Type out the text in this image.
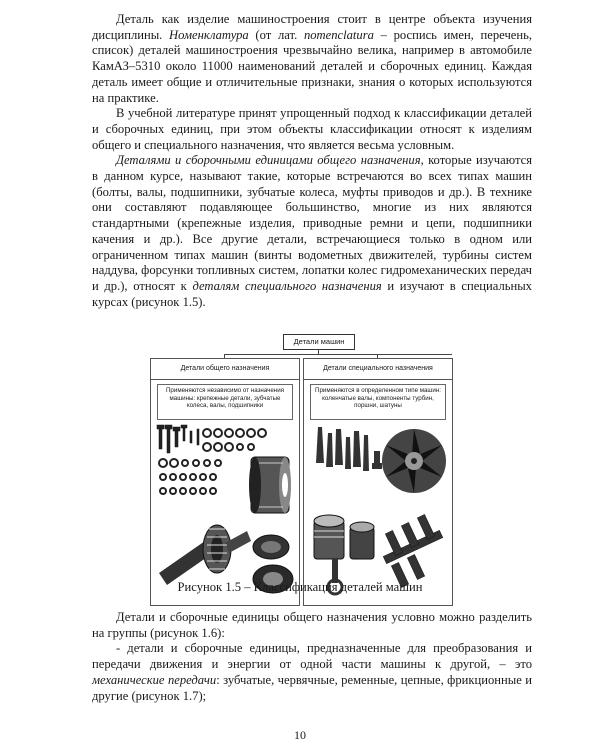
Деталь как изделие машиностроения стоит в центре объекта изучения дисциплины. Номенклатура (от лат. nomenclatura – роспись имен, перечень, список) деталей машиностроения чрезвычайно велика, например в автомобиле КамАЗ–5310 около 11000 наименований деталей и сборочных единиц. Каждая деталь имеет общие и отличительные признаки, знания о которых используются на практике.

В учебной литературе принят упрощенный подход к классификации деталей и сборочных единиц, при этом объекты классификации относят к изделиям общего и специального назначения, что является весьма условным.

Деталями и сборочными единицами общего назначения, которые изучаются в данном курсе, называют такие, которые встречаются во всех типах машин (болты, валы, подшипники, зубчатые колеса, муфты приводов и др.). В технике они составляют подавляющее большинство, многие из них являются стандартными (крепежные изделия, приводные ремни и цепи, подшипники качения и др.). Все другие детали, встречающиеся только в одном или ограниченном типах машин (винты водометных движителей, турбины систем наддува, форсунки топливных систем, лопатки колес гидромеханических передач и др.), относят к деталям специального назначения и изучают в специальных курсах (рисунок 1.5).

Детали машин
Детали общего назначения
Применяются независимо от назначения машины: крепежные детали, зубчатые колеса, валы, подшипники
Детали специального назначения
Применяются в определенном типе машин: коленчатые валы, компоненты турбин, поршни, шатуны
Рисунок 1.5 – Классификация деталей машин

Детали и сборочные единицы общего назначения условно можно разделить на группы (рисунок 1.6):

- детали и сборочные единицы, предназначенные для преобразования и передачи движения и энергии от одной части машины к другой, – это механические передачи: зубчатые, червячные, ременные, цепные, фрикционные и другие (рисунок 1.7);

10
